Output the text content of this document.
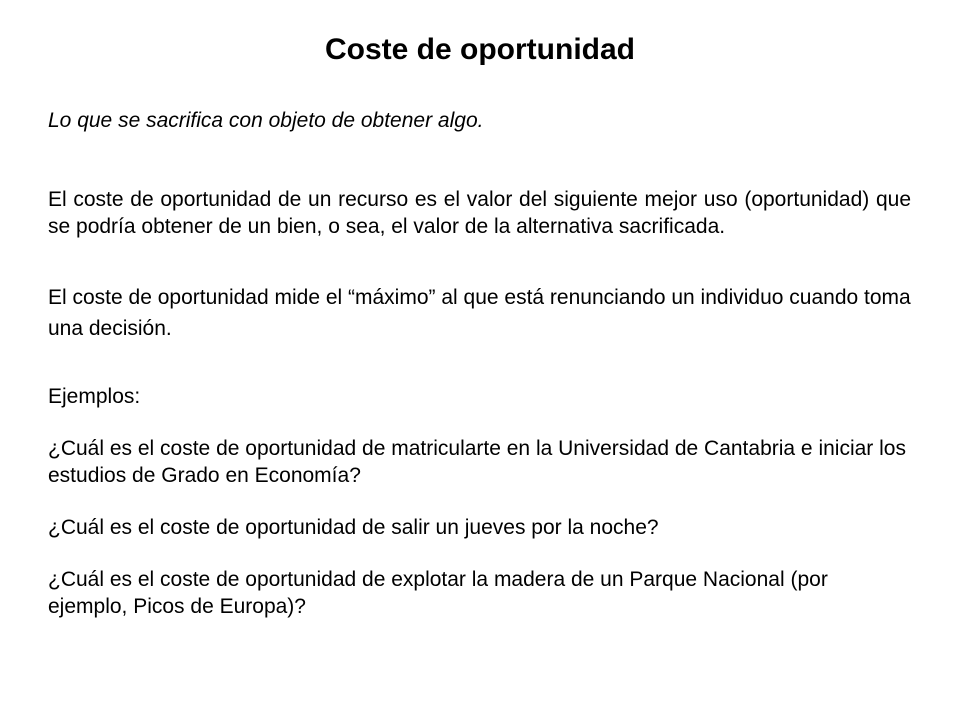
Coste de oportunidad

Lo que se sacrifica con objeto de obtener algo.

El coste de oportunidad de un recurso es el valor del siguiente mejor uso (oportunidad) que se podría obtener de un bien, o sea, el valor de la alternativa sacrificada.

El coste de oportunidad mide el “máximo” al que está renunciando un individuo cuando toma una decisión.

Ejemplos:

¿Cuál es el coste de oportunidad de matricularte en la Universidad de Cantabria e iniciar los estudios de Grado en Economía?

¿Cuál es el coste de oportunidad de salir un jueves por la noche?

¿Cuál es el coste de oportunidad de explotar la madera de un Parque Nacional (por ejemplo, Picos de Europa)?
